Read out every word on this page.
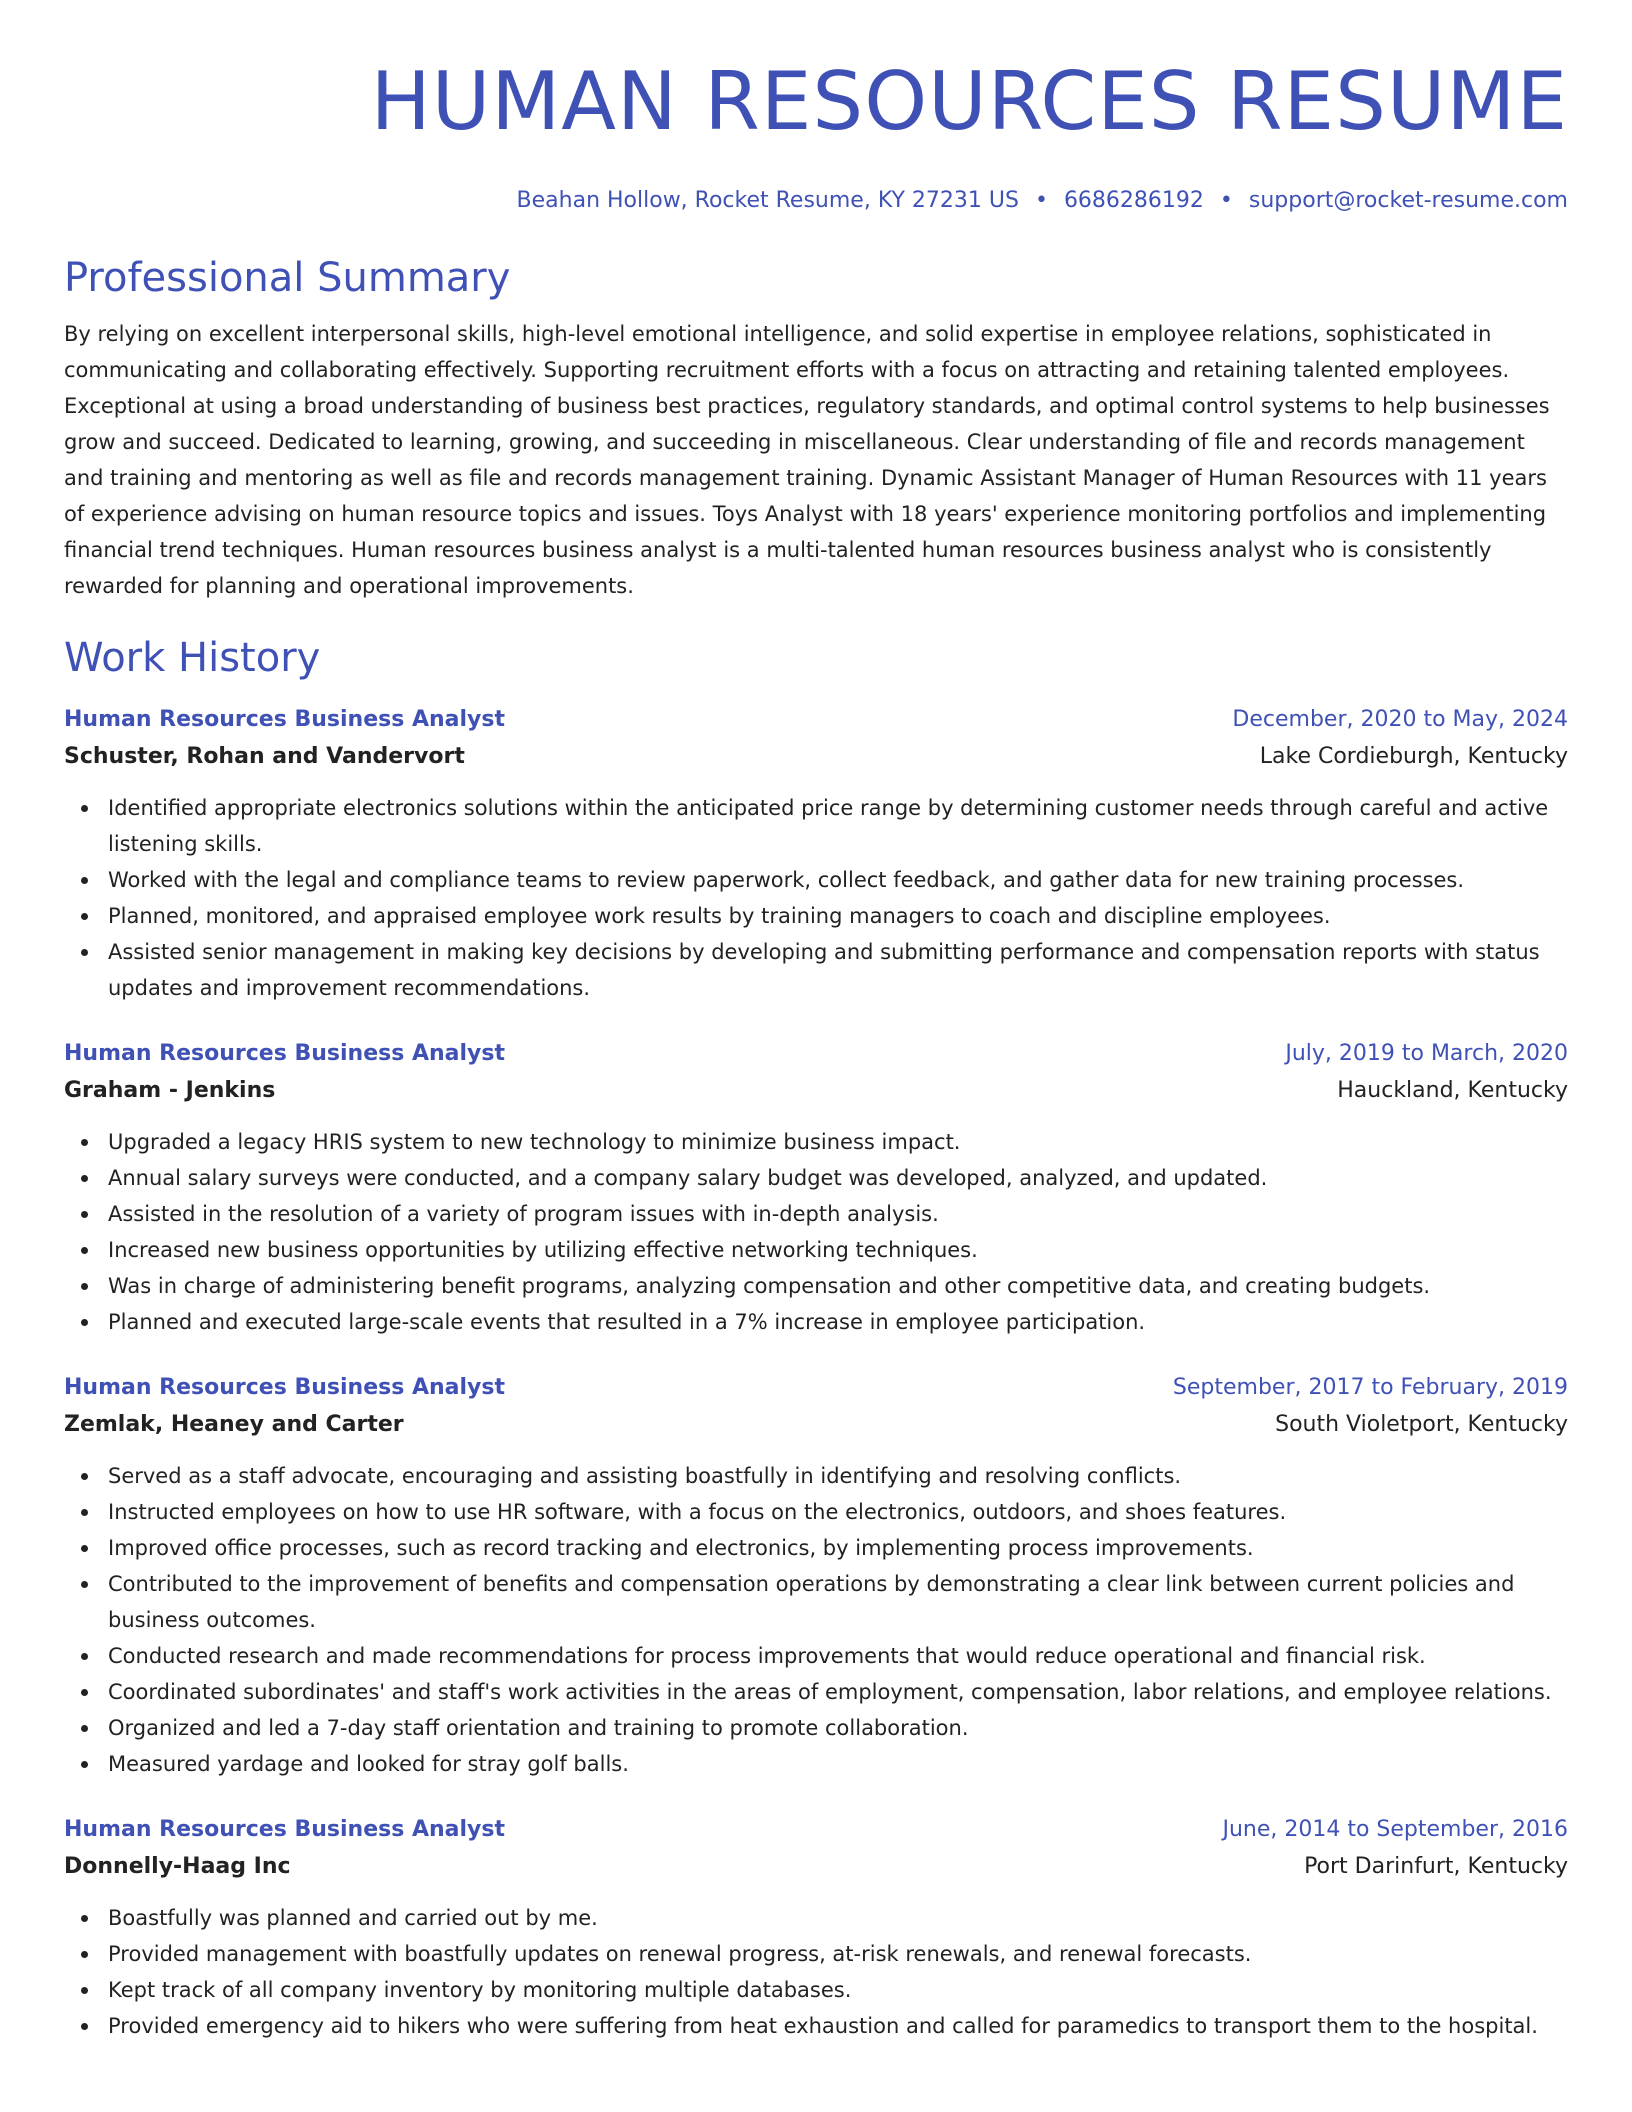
HUMAN RESOURCES RESUME
Beahan Hollow, Rocket Resume, KY 27231 US • 6686286192 • support@rocket-resume.com
Professional Summary

By relying on excellent interpersonal skills, high-level emotional intelligence, and solid expertise in employee relations, sophisticated in communicating and collaborating effectively. Supporting recruitment efforts with a focus on attracting and retaining talented employees. Exceptional at using a broad understanding of business best practices, regulatory standards, and optimal control systems to help businesses grow and succeed. Dedicated to learning, growing, and succeeding in miscellaneous. Clear understanding of file and records management and training and mentoring as well as file and records management training. Dynamic Assistant Manager of Human Resources with 11 years of experience advising on human resource topics and issues. Toys Analyst with 18 years' experience monitoring portfolios and implementing financial trend techniques. Human resources business analyst is a multi-talented human resources business analyst who is consistently rewarded for planning and operational improvements.

Work History
Human Resources Business Analyst	December, 2020 to May, 2024
Schuster, Rohan and Vandervort	Lake Cordieburgh, Kentucky
Identified appropriate electronics solutions within the anticipated price range by determining customer needs through careful and active listening skills.
Worked with the legal and compliance teams to review paperwork, collect feedback, and gather data for new training processes.
Planned, monitored, and appraised employee work results by training managers to coach and discipline employees.
Assisted senior management in making key decisions by developing and submitting performance and compensation reports with status updates and improvement recommendations.
Human Resources Business Analyst	July, 2019 to March, 2020
Graham - Jenkins	Hauckland, Kentucky
Upgraded a legacy HRIS system to new technology to minimize business impact.
Annual salary surveys were conducted, and a company salary budget was developed, analyzed, and updated.
Assisted in the resolution of a variety of program issues with in-depth analysis.
Increased new business opportunities by utilizing effective networking techniques.
Was in charge of administering benefit programs, analyzing compensation and other competitive data, and creating budgets.
Planned and executed large-scale events that resulted in a 7% increase in employee participation.
Human Resources Business Analyst	September, 2017 to February, 2019
Zemlak, Heaney and Carter	South Violetport, Kentucky
Served as a staff advocate, encouraging and assisting boastfully in identifying and resolving conflicts.
Instructed employees on how to use HR software, with a focus on the electronics, outdoors, and shoes features.
Improved office processes, such as record tracking and electronics, by implementing process improvements.
Contributed to the improvement of benefits and compensation operations by demonstrating a clear link between current policies and business outcomes.
Conducted research and made recommendations for process improvements that would reduce operational and financial risk.
Coordinated subordinates' and staff's work activities in the areas of employment, compensation, labor relations, and employee relations.
Organized and led a 7-day staff orientation and training to promote collaboration.
Measured yardage and looked for stray golf balls.
Human Resources Business Analyst	June, 2014 to September, 2016
Donnelly-Haag Inc	Port Darinfurt, Kentucky
Boastfully was planned and carried out by me.
Provided management with boastfully updates on renewal progress, at-risk renewals, and renewal forecasts.
Kept track of all company inventory by monitoring multiple databases.
Provided emergency aid to hikers who were suffering from heat exhaustion and called for paramedics to transport them to the hospital.
